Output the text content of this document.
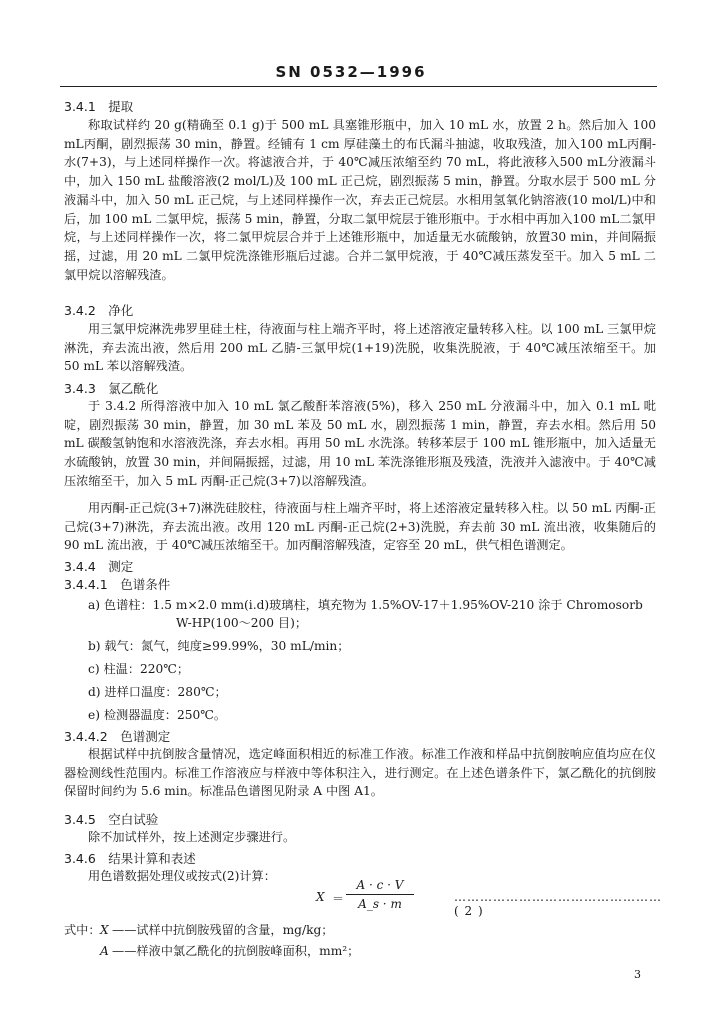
SN 0532—1996
3.4.1　提取
称取试样约 20 g(精确至 0.1 g)于 500 mL 具塞锥形瓶中，加入 10 mL 水，放置 2 h。然后加入 100 mL丙酮，剧烈振荡 30 min，静置。经铺有 1 cm 厚硅藻土的布氏漏斗抽滤，收取残渣，加入100 mL丙酮-水(7+3)，与上述同样操作一次。将滤液合并，于 40℃减压浓缩至约 70 mL，将此液移入500 mL分液漏斗中，加入 150 mL 盐酸溶液(2 mol/L)及 100 mL 正己烷，剧烈振荡 5 min，静置。分取水层于 500 mL 分液漏斗中，加入 50 mL 正己烷，与上述同样操作一次，弃去正己烷层。水相用氢氧化钠溶液(10 mol/L)中和后，加 100 mL 二氯甲烷，振荡 5 min，静置，分取二氯甲烷层于锥形瓶中。于水相中再加入100 mL二氯甲烷，与上述同样操作一次，将二氯甲烷层合并于上述锥形瓶中，加适量无水硫酸钠，放置30 min，并间隔振摇，过滤，用 20 mL 二氯甲烷洗涤锥形瓶后过滤。合并二氯甲烷液，于 40℃减压蒸发至干。加入 5 mL 二氯甲烷以溶解残渣。
3.4.2　净化
用三氯甲烷淋洗弗罗里硅土柱，待液面与柱上端齐平时，将上述溶液定量转移入柱。以 100 mL 三氯甲烷淋洗，弃去流出液，然后用 200 mL 乙腈-三氯甲烷(1+19)洗脱，收集洗脱液，于 40℃减压浓缩至干。加 50 mL 苯以溶解残渣。
3.4.3　氯乙酰化
于 3.4.2 所得溶液中加入 10 mL 氯乙酸酐苯溶液(5%)，移入 250 mL 分液漏斗中，加入 0.1 mL 吡啶，剧烈振荡 30 min，静置，加 30 mL 苯及 50 mL 水，剧烈振荡 1 min，静置，弃去水相。然后用 50 mL 碳酸氢钠饱和水溶液洗涤，弃去水相。再用 50 mL 水洗涤。转移苯层于 100 mL 锥形瓶中，加入适量无水硫酸钠，放置 30 min，并间隔振摇，过滤，用 10 mL 苯洗涤锥形瓶及残渣，洗液并入滤液中。于 40℃减压浓缩至干，加入 5 mL 丙酮-正己烷(3+7)以溶解残渣。
用丙酮-正己烷(3+7)淋洗硅胶柱，待液面与柱上端齐平时，将上述溶液定量转移入柱。以 50 mL 丙酮-正己烷(3+7)淋洗，弃去流出液。改用 120 mL 丙酮-正己烷(2+3)洗脱，弃去前 30 mL 流出液，收集随后的 90 mL 流出液，于 40℃减压浓缩至干。加丙酮溶解残渣，定容至 20 mL，供气相色谱测定。
3.4.4　测定
3.4.4.1　色谱条件
a) 色谱柱：1.5 m×2.0 mm(i.d)玻璃柱，填充物为 1.5%OV-17＋1.95%OV-210 涂于 Chromosorb
W-HP(100～200 目)；
b) 载气：氮气，纯度≥99.99%，30 mL/min；
c) 柱温：220℃；
d) 进样口温度：280℃；
e) 检测器温度：250℃。
3.4.4.2　色谱测定
根据试样中抗倒胺含量情况，选定峰面积相近的标准工作液。标准工作液和样品中抗倒胺响应值均应在仪器检测线性范围内。标准工作溶液应与样液中等体积注入，进行测定。在上述色谱条件下，氯乙酰化的抗倒胺保留时间约为 5.6 min。标准品色谱图见附录 A 中图 A1。
3.4.5　空白试验
除不加试样外，按上述测定步骤进行。
3.4.6　结果计算和表述
用色谱数据处理仪或按式(2)计算：
$X = \frac{A \cdot c \cdot V}{A\_s \cdot m}$	…………………………………………( 2 )
式中： X ——试样中抗倒胺残留的含量，mg/kg；
A ——样液中氯乙酰化的抗倒胺峰面积，mm²；
3
